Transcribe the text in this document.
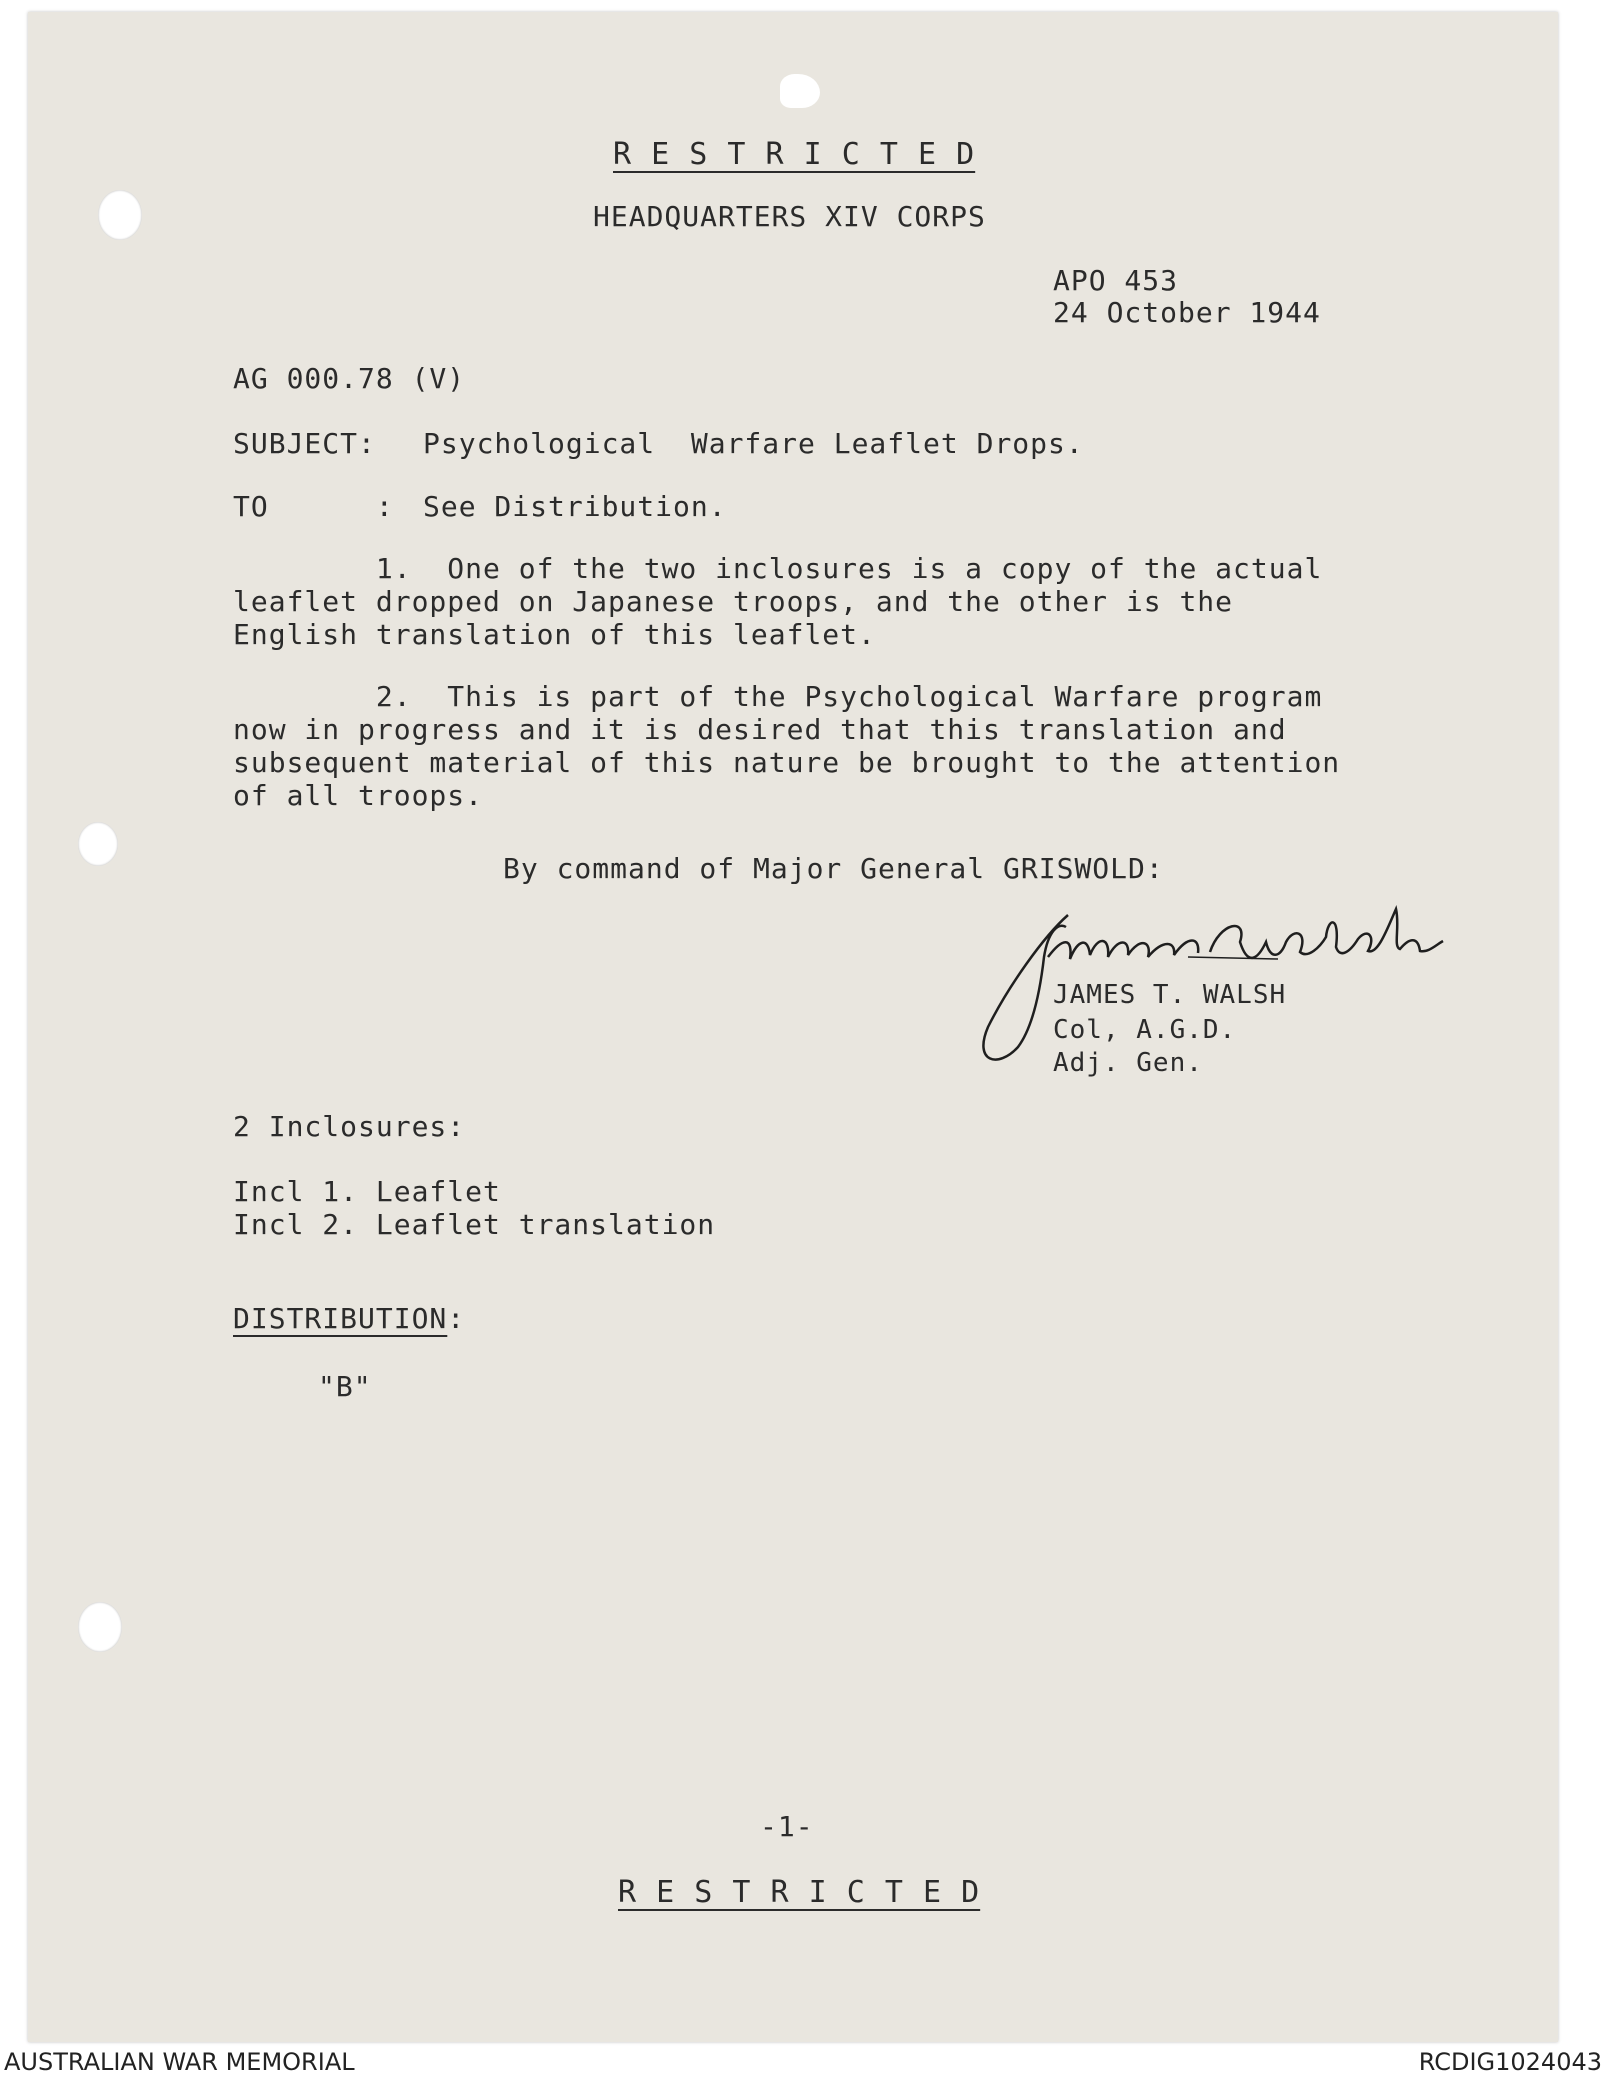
R E S T R I C T E D
HEADQUARTERS XIV CORPS
APO 453
24 October 1944
AG 000.78 (V)
SUBJECT: Psychological  Warfare Leaflet Drops.
TO      : See Distribution.
1.  One of the two inclosures is a copy of the actual
leaflet dropped on Japanese troops, and the other is the
English translation of this leaflet.
2.  This is part of the Psychological Warfare program
now in progress and it is desired that this translation and
subsequent material of this nature be brought to the attention
of all troops.
By command of Major General GRISWOLD:
JAMES T. WALSH
Col, A.G.D.
Adj. Gen.
2 Inclosures:
Incl 1. Leaflet
Incl 2. Leaflet translation
DISTRIBUTION:
"B"
-1-
R E S T R I C T E D
AUSTRALIAN WAR MEMORIAL	RCDIG1024043
